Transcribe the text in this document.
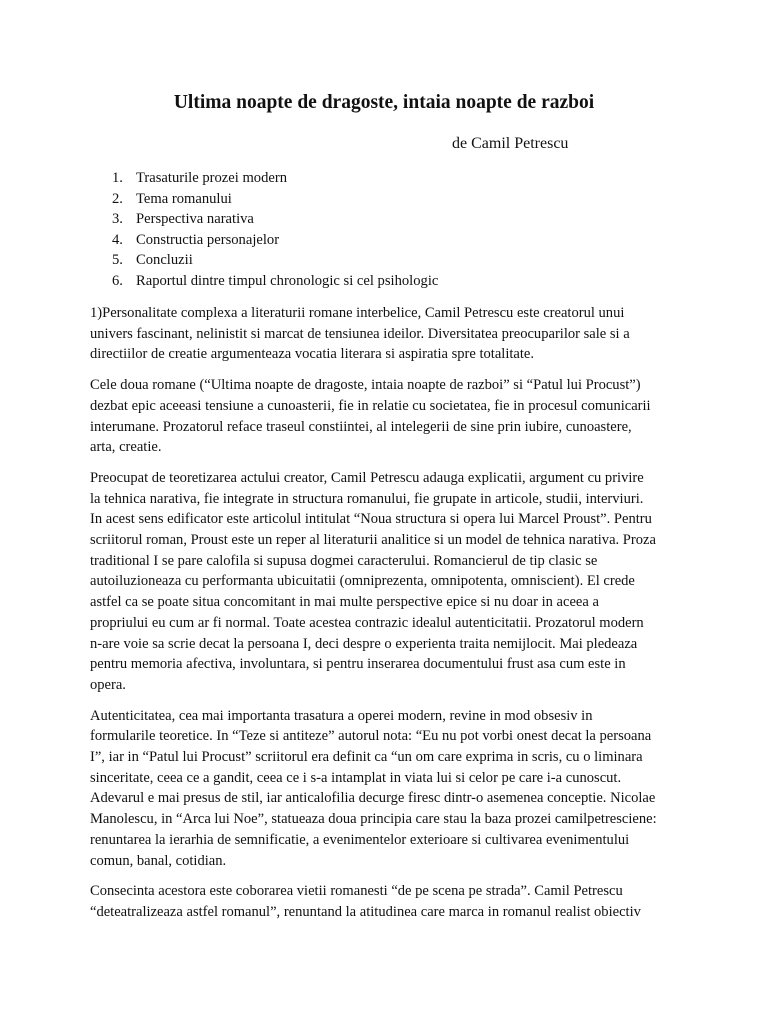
Ultima noapte de dragoste, intaia noapte de razboi

de Camil Petrescu

1. Trasaturile prozei modern
2. Tema romanului
3. Perspectiva narativa
4. Constructia personajelor
5. Concluzii
6. Raportul dintre timpul chronologic si cel psihologic

1)Personalitate complexa a literaturii romane interbelice, Camil Petrescu este creatorul unui
univers fascinant, nelinistit si marcat de tensiunea ideilor. Diversitatea preocuparilor sale si a
directiilor de creatie argumenteaza vocatia literara si aspiratia spre totalitate.

Cele doua romane (“Ultima noapte de dragoste, intaia noapte de razboi” si “Patul lui Procust”)
dezbat epic aceeasi tensiune a cunoasterii, fie in relatie cu societatea, fie in procesul comunicarii
interumane. Prozatorul reface traseul constiintei, al intelegerii de sine prin iubire, cunoastere,
arta, creatie.

Preocupat de teoretizarea actului creator, Camil Petrescu adauga explicatii, argument cu privire
la tehnica narativa, fie integrate in structura romanului, fie grupate in articole, studii, interviuri.
In acest sens edificator este articolul intitulat “Noua structura si opera lui Marcel Proust”. Pentru
scriitorul roman, Proust este un reper al literaturii analitice si un model de tehnica narativa. Proza
traditional I se pare calofila si supusa dogmei caracterului. Romancierul de tip clasic se
autoiluzioneaza cu performanta ubicuitatii (omniprezenta, omnipotenta, omniscient). El crede
astfel ca se poate situa concomitant in mai multe perspective epice si nu doar in aceea a
propriului eu cum ar fi normal. Toate acestea contrazic idealul autenticitatii. Prozatorul modern
n-are voie sa scrie decat la persoana I, deci despre o experienta traita nemijlocit. Mai pledeaza
pentru memoria afectiva, involuntara, si pentru inserarea documentului frust asa cum este in
opera.

Autenticitatea, cea mai importanta trasatura a operei modern, revine in mod obsesiv in
formularile teoretice. In “Teze si antiteze” autorul nota: “Eu nu pot vorbi onest decat la persoana
I”, iar in “Patul lui Procust” scriitorul era definit ca “un om care exprima in scris, cu o liminara
sinceritate, ceea ce a gandit, ceea ce i s-a intamplat in viata lui si celor pe care i-a cunoscut.
Adevarul e mai presus de stil, iar anticalofilia decurge firesc dintr-o asemenea conceptie. Nicolae
Manolescu, in “Arca lui Noe”, statueaza doua principia care stau la baza prozei camilpetresciene:
renuntarea la ierarhia de semnificatie, a evenimentelor exterioare si cultivarea evenimentului
comun, banal, cotidian.

Consecinta acestora este coborarea vietii romanesti “de pe scena pe strada”. Camil Petrescu
“deteatralizeaza astfel romanul”, renuntand la atitudinea care marca in romanul realist obiectiv
